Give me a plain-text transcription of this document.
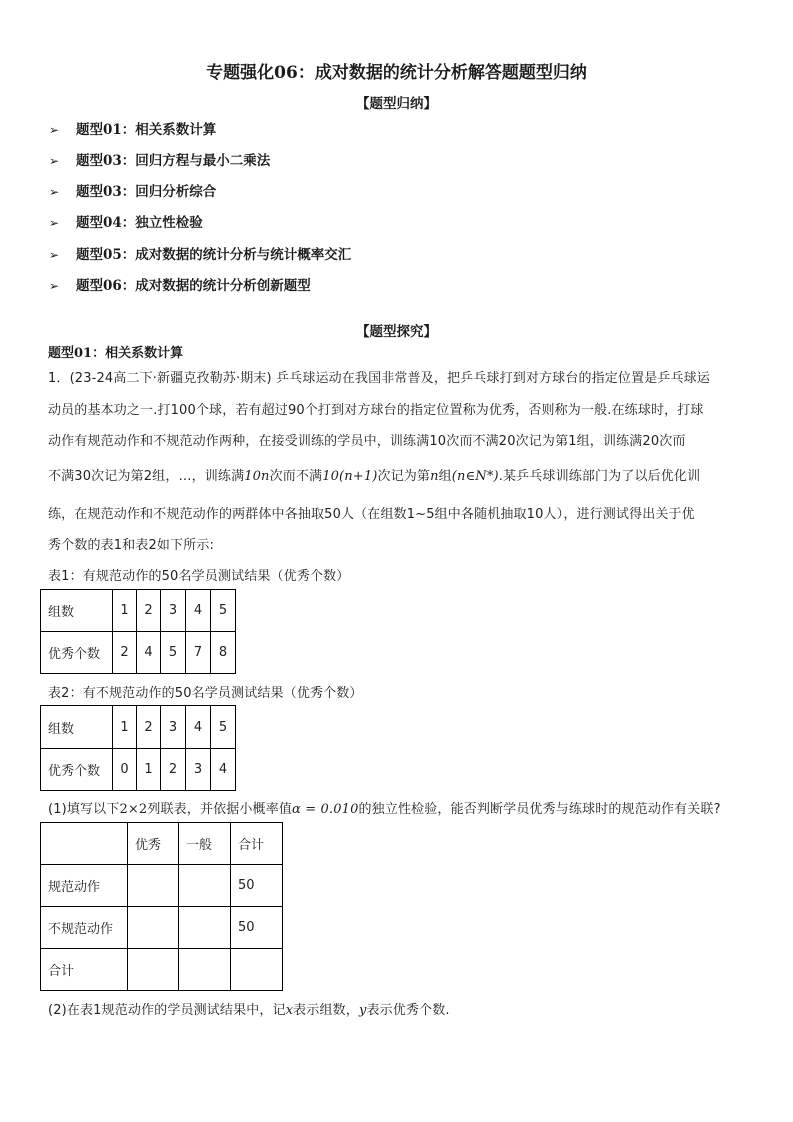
专题强化06：成对数据的统计分析解答题题型归纳
【题型归纳】
➢ 题型01：相关系数计算
➢ 题型03：回归方程与最小二乘法
➢ 题型03：回归分析综合
➢ 题型04：独立性检验
➢ 题型05：成对数据的统计分析与统计概率交汇
➢ 题型06：成对数据的统计分析创新题型
【题型探究】
题型01：相关系数计算
1．(23-24高二下·新疆克孜勒苏·期末) 乒乓球运动在我国非常普及，把乒乓球打到对方球台的指定位置是乒乓球运
动员的基本功之一.打100个球，若有超过90个打到对方球台的指定位置称为优秀，否则称为一般.在练球时，打球
动作有规范动作和不规范动作两种，在接受训练的学员中，训练满10次而不满20次记为第1组，训练满20次而
不满30次记为第2组，…，训练满10n次而不满10(n+1)次记为第n组(n∈N*).某乒乓球训练部门为了以后优化训
练，在规范动作和不规范动作的两群体中各抽取50人（在组数1~5组中各随机抽取10人），进行测试得出关于优
秀个数的表1和表2如下所示:
表1：有规范动作的50名学员测试结果（优秀个数）
组数	1	2	3	4	5
优秀个数	2	4	5	7	8
表2：有不规范动作的50名学员测试结果（优秀个数）
组数	1	2	3	4	5
优秀个数	0	1	2	3	4
(1)填写以下2×2列联表，并依据小概率值α = 0.010的独立性检验，能否判断学员优秀与练球时的规范动作有关联?
	优秀	一般	合计
规范动作			50
不规范动作			50
合计			
(2)在表1规范动作的学员测试结果中，记x表示组数，y表示优秀个数.
